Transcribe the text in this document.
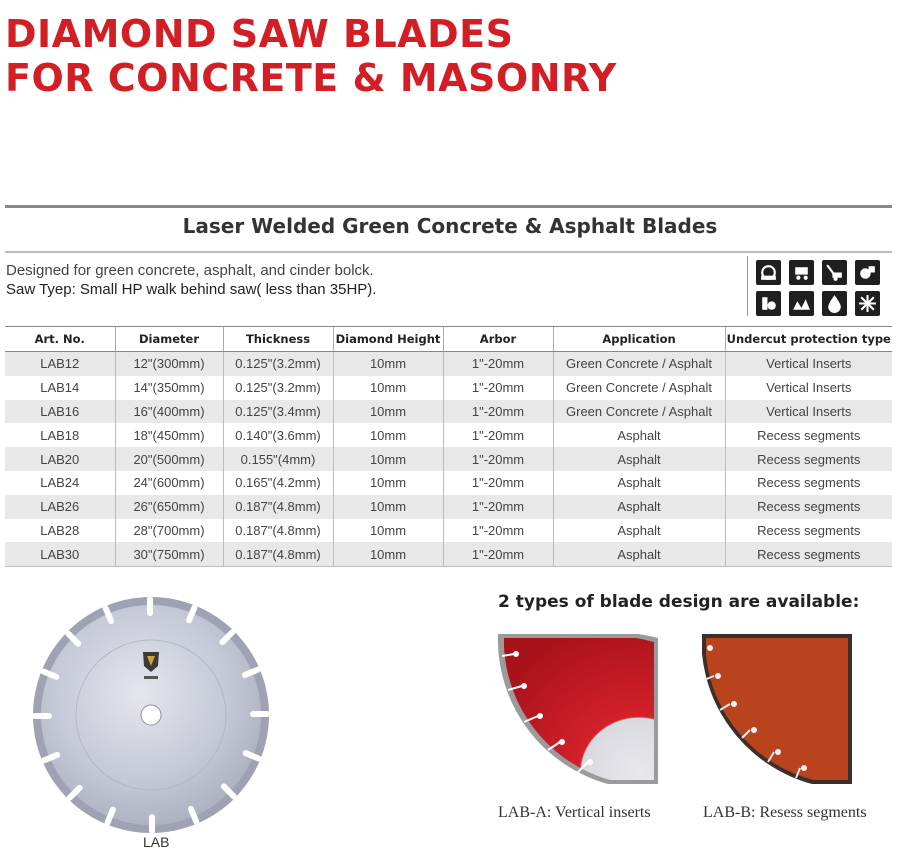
DIAMOND SAW BLADES
FOR CONCRETE & MASONRY
Laser Welded Green Concrete & Asphalt Blades
Designed for green concrete, asphalt, and cinder bolck.
Saw Tyep: Small HP walk behind saw( less than 35HP).
Art. No.	Diameter	Thickness	Diamond Height	Arbor	Application	Undercut protection type
LAB12	12"(300mm)	0.125"(3.2mm)	10mm	1"-20mm	Green Concrete / Asphalt	Vertical Inserts
LAB14	14"(350mm)	0.125"(3.2mm)	10mm	1"-20mm	Green Concrete / Asphalt	Vertical Inserts
LAB16	16"(400mm)	0.125"(3.4mm)	10mm	1"-20mm	Green Concrete / Asphalt	Vertical Inserts
LAB18	18"(450mm)	0.140"(3.6mm)	10mm	1"-20mm	Asphalt	Recess segments
LAB20	20"(500mm)	0.155"(4mm)	10mm	1"-20mm	Asphalt	Recess segments
LAB24	24"(600mm)	0.165"(4.2mm)	10mm	1"-20mm	Asphalt	Recess segments
LAB26	26"(650mm)	0.187"(4.8mm)	10mm	1"-20mm	Asphalt	Recess segments
LAB28	28"(700mm)	0.187"(4.8mm)	10mm	1"-20mm	Asphalt	Recess segments
LAB30	30"(750mm)	0.187"(4.8mm)	10mm	1"-20mm	Asphalt	Recess segments
2 types of blade design are available:
LAB-A: Vertical inserts	LAB-B: Resess segments
LAB
